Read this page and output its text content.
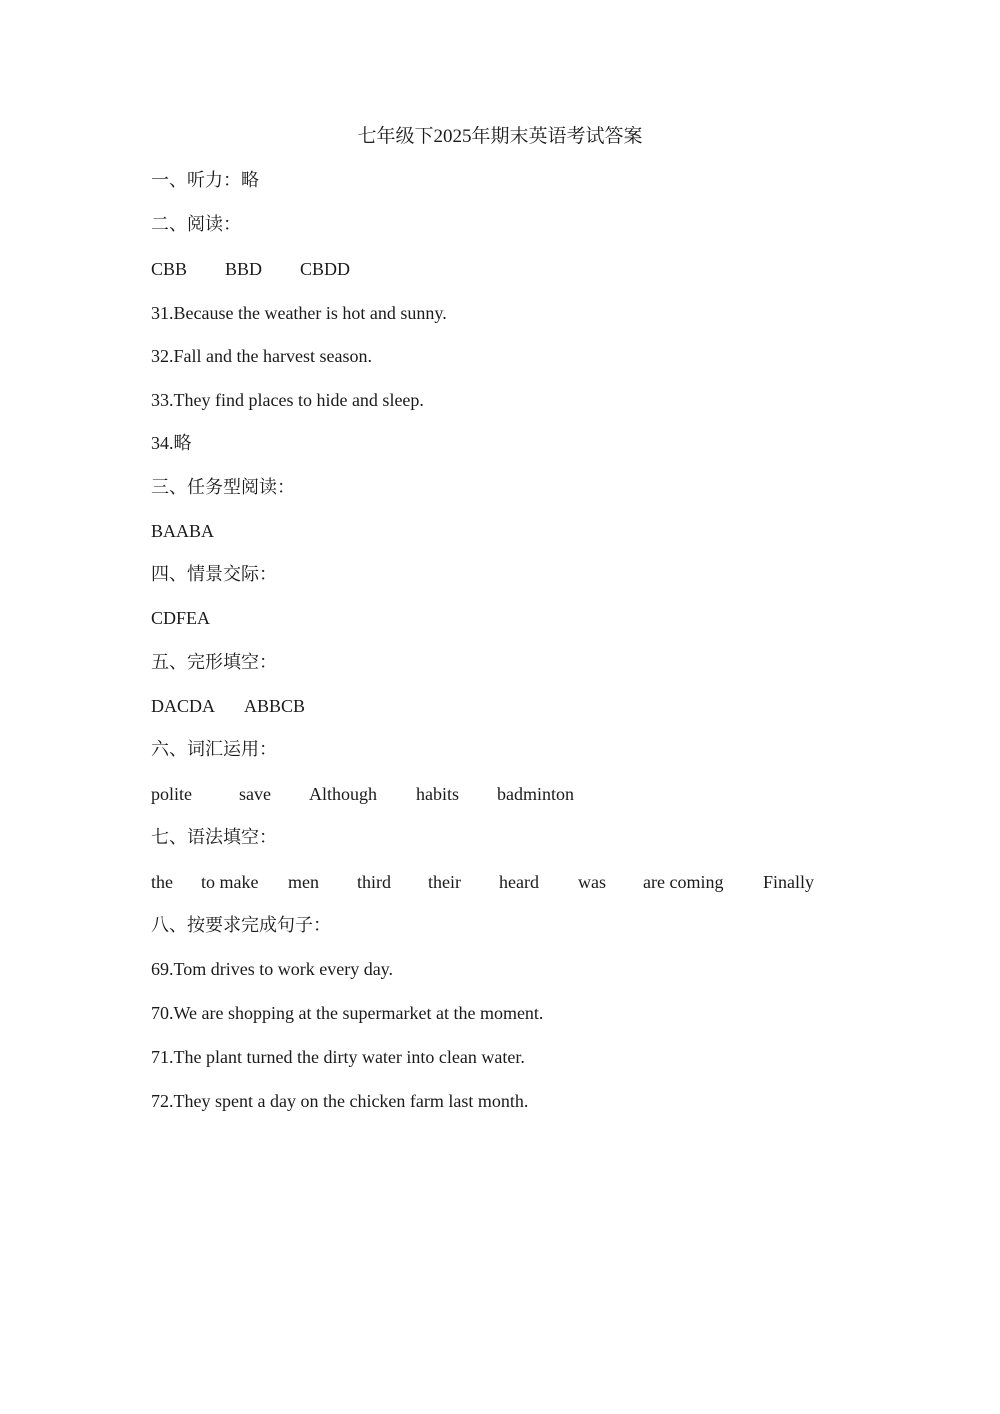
七年级下2025年期末英语考试答案
一、听力：略
二、阅读：
CBB BBD CBDD
31.Because the weather is hot and sunny.
32.Fall and the harvest season.
33.They find places to hide and sleep.
34.略
三、任务型阅读：
BAABA
四、情景交际：
CDFEA
五、完形填空：
DACDA ABBCB
六、词汇运用：
polite	save Although habits badminton
七、语法填空：
the to make men third their heard was are coming Finally
八、按要求完成句子：
69.Tom drives to work every day.
70.We are shopping at the supermarket at the moment.
71.The plant turned the dirty water into clean water.
72.They spent a day on the chicken farm last month.
